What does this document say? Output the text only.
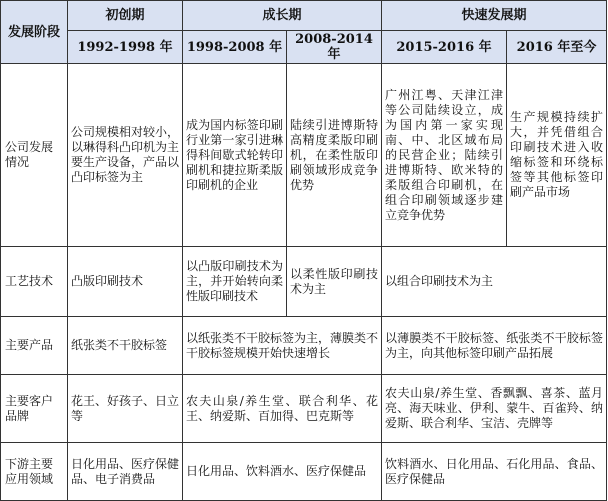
发展阶段	初创期	成长期		快速发展期	
	1992-1998 年	1998-2008 年	2008-2014 年	2015-2016 年	2016 年至今
公司发展情况	公司规模相对较小，以琳得科凸印机为主要生产设备，产品以凸印标签为主	成为国内标签印刷行业第一家引进琳得科间歇式轮转印刷机和捷拉斯柔版印刷机的企业	陆续引进博斯特高精度柔版印刷机，在柔性版印刷领域形成竞争优势	广州江粤、天津江津等公司陆续设立，成为国内第一家实现南、中、北区域布局的民营企业；陆续引进博斯特、欧米特的柔版组合印刷机，在组合印刷领域逐步建立竞争优势	生产规模持续扩大，并凭借组合印刷技术进入收缩标签和环绕标签等其他标签印刷产品市场
工艺技术	凸版印刷技术	以凸版印刷技术为主，并开始转向柔性版印刷技术	以柔性版印刷技术为主	以组合印刷技术为主	
主要产品	纸张类不干胶标签	以纸张类不干胶标签为主，薄膜类不干胶标签规模开始快速增长		以薄膜类不干胶标签、纸张类不干胶标签为主，向其他标签印刷产品拓展	
主要客户品牌	花王、好孩子、日立等	农夫山泉/养生堂、联合利华、花王、纳爱斯、百加得、巴克斯等		农夫山泉/养生堂、香飘飘、喜茶、蓝月亮、海天味业、伊利、蒙牛、百雀羚、纳爱斯、联合利华、宝洁、壳牌等	
下游主要应用领域	日化用品、医疗保健品、电子消费品	日化用品、饮料酒水、医疗保健品		饮料酒水、日化用品、石化用品、食品、医疗保健品	
